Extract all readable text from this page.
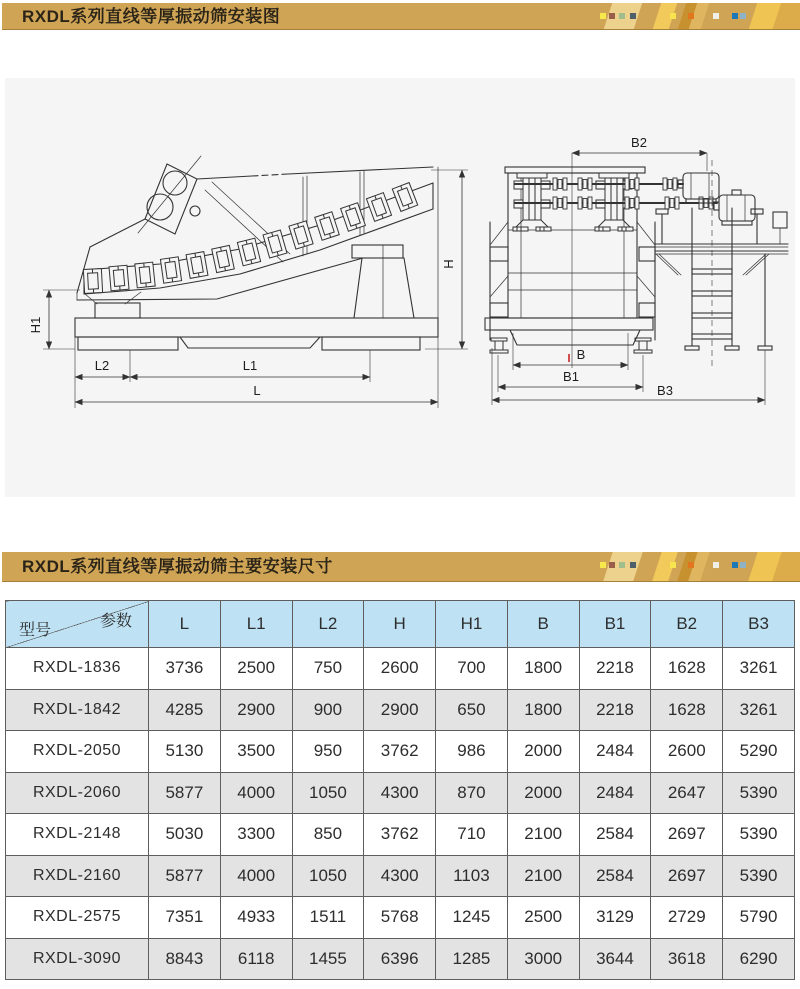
RXDL系列直线等厚振动筛安装图
H
H1
L2	L1
L
B2
B
B1
B3
RXDL系列直线等厚振动筛主要安装尺寸
参数
型号	L	L1	L2	H	H1	B	B1	B2	B3
RXDL-1836	3736	2500	750	2600	700	1800	2218	1628	3261
RXDL-1842	4285	2900	900	2900	650	1800	2218	1628	3261
RXDL-2050	5130	3500	950	3762	986	2000	2484	2600	5290
RXDL-2060	5877	4000	1050	4300	870	2000	2484	2647	5390
RXDL-2148	5030	3300	850	3762	710	2100	2584	2697	5390
RXDL-2160	5877	4000	1050	4300	1103	2100	2584	2697	5390
RXDL-2575	7351	4933	1511	5768	1245	2500	3129	2729	5790
RXDL-3090	8843	6118	1455	6396	1285	3000	3644	3618	6290
